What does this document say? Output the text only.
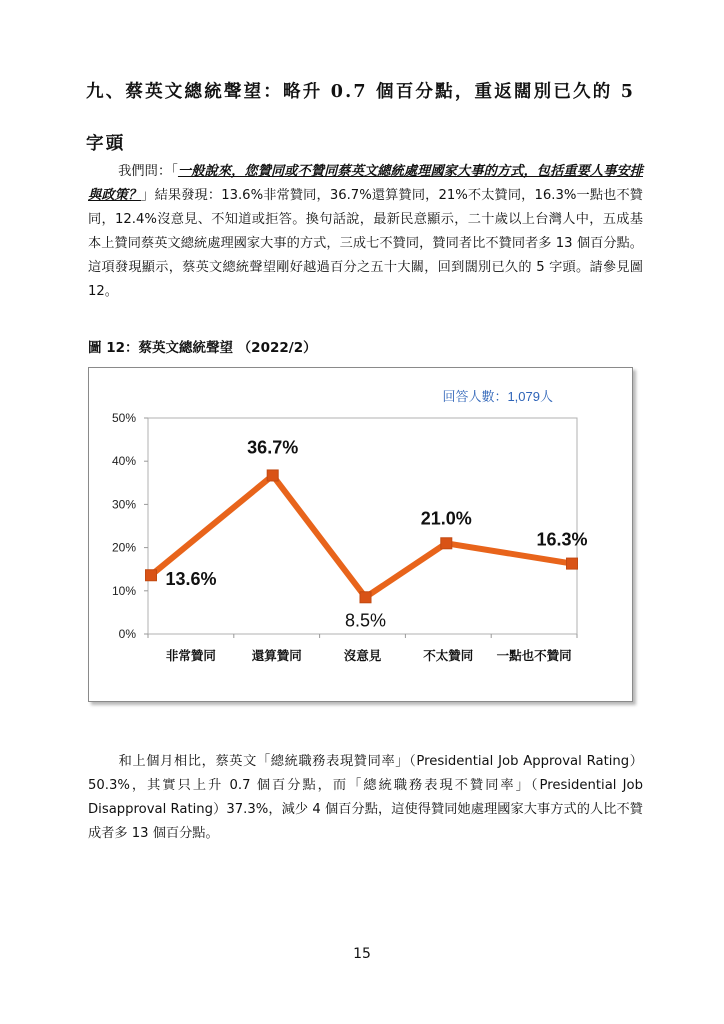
九、蔡英文總統聲望：略升 0.7 個百分點，重返闊別已久的 5 字頭

我們問：「一般說來，您贊同或不贊同蔡英文總統處理國家大事的方式，包括重要人事安排與政策？」結果發現：13.6%非常贊同，36.7%還算贊同，21%不太贊同，16.3%一點也不贊同，12.4%沒意見、不知道或拒答。換句話說，最新民意顯示，二十歲以上台灣人中，五成基本上贊同蔡英文總統處理國家大事的方式，三成七不贊同，贊同者比不贊同者多 13 個百分點。這項發現顯示，蔡英文總統聲望剛好越過百分之五十大關，回到闊別已久的 5 字頭。請參見圖 12。

圖 12：蔡英文總統聲望 （2022/2）
回答人數：1,079人
0%
10%
20%
30%
40%
50%
非常贊同	還算贊同	沒意見	不太贊同 一點也不贊同
13.6%
36.7%
8.5%
21.0%
16.3%

和上個月相比，蔡英文「總統職務表現贊同率」（Presidential Job Approval Rating）50.3%，其實只上升 0.7 個百分點，而「總統職務表現不贊同率」（Presidential Job Disapproval Rating）37.3%，減少 4 個百分點，這使得贊同她處理國家大事方式的人比不贊成者多 13 個百分點。

15
